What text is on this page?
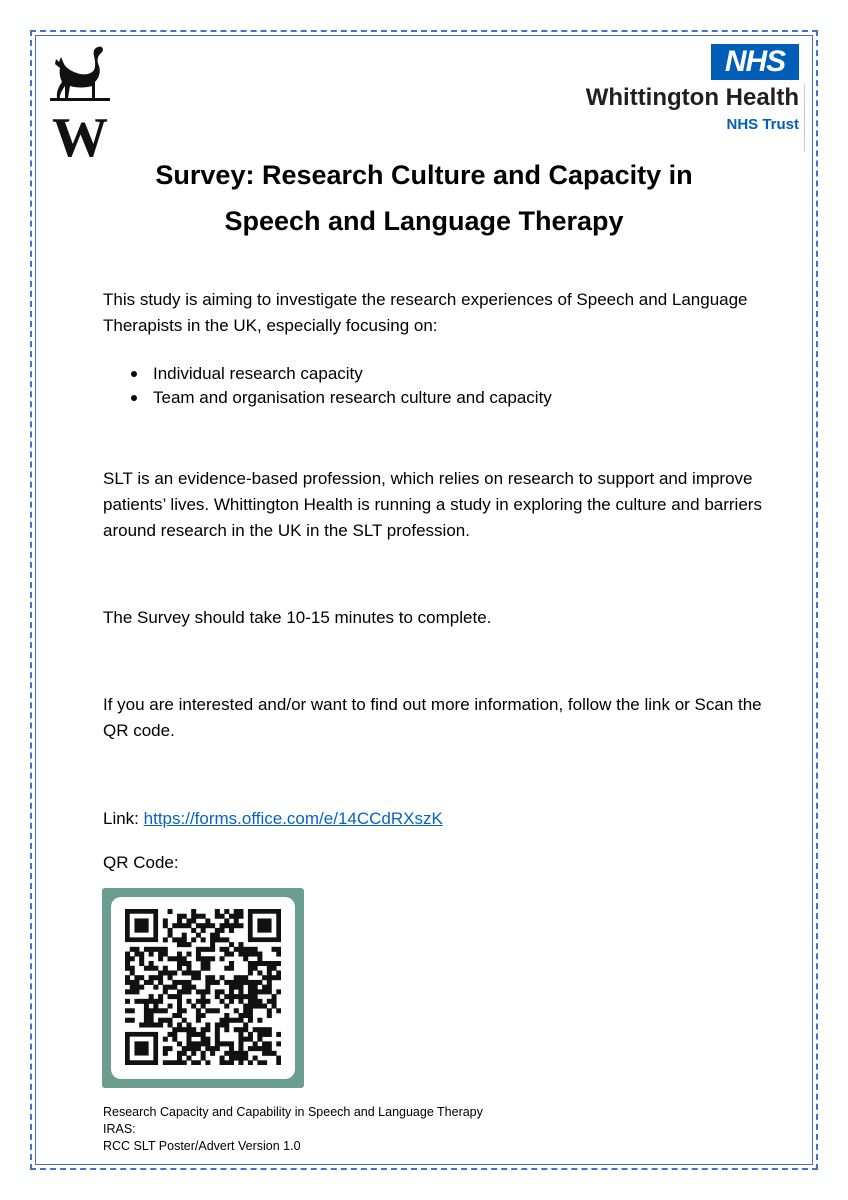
W
NHS
Whittington Health
NHS Trust
Survey: Research Culture and Capacity in
Speech and Language Therapy
This study is aiming to investigate the research experiences of Speech and Language Therapists in the UK, especially focusing on:
Individual research capacity
Team and organisation research culture and capacity
SLT is an evidence-based profession, which relies on research to support and improve patients’ lives. Whittington Health is running a study in exploring the culture and barriers around research in the UK in the SLT profession.
The Survey should take 10-15 minutes to complete.
If you are interested and/or want to find out more information, follow the link or Scan the QR code.
Link: https://forms.office.com/e/14CCdRXszK
QR Code:
Research Capacity and Capability in Speech and Language Therapy
IRAS:
RCC SLT Poster/Advert Version 1.0
